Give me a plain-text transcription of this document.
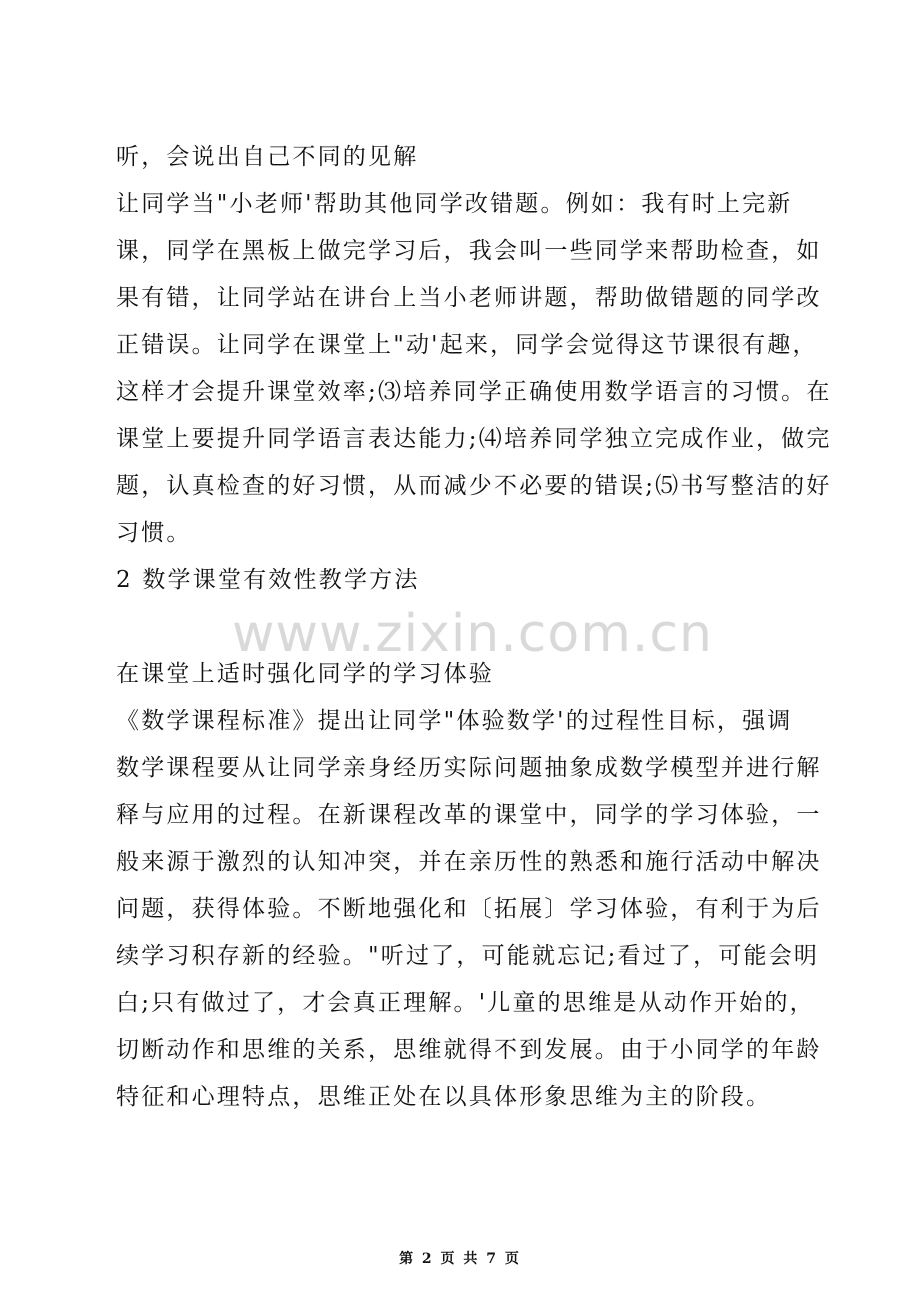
听，会说出自己不同的见解
让同学当"小老师'帮助其他同学改错题。例如：我有时上完新
课，同学在黑板上做完学习后，我会叫一些同学来帮助检查，如
果有错，让同学站在讲台上当小老师讲题，帮助做错题的同学改
正错误。让同学在课堂上"动'起来，同学会觉得这节课很有趣，
这样才会提升课堂效率;⑶培养同学正确使用数学语言的习惯。在
课堂上要提升同学语言表达能力;⑷培养同学独立完成作业，做完
题，认真检查的好习惯，从而减少不必要的错误;⑸书写整洁的好
习惯。
2 数学课堂有效性教学方法
www.zixin.com.cn
在课堂上适时强化同学的学习体验
《数学课程标准》提出让同学"体验数学'的过程性目标，强调
数学课程要从让同学亲身经历实际问题抽象成数学模型并进行解
释与应用的过程。在新课程改革的课堂中，同学的学习体验，一
般来源于激烈的认知冲突，并在亲历性的熟悉和施行活动中解决
问题，获得体验。不断地强化和〔拓展〕学习体验，有利于为后
续学习积存新的经验。"听过了，可能就忘记;看过了，可能会明
白;只有做过了，才会真正理解。'儿童的思维是从动作开始的，
切断动作和思维的关系，思维就得不到发展。由于小同学的年龄
特征和心理特点，思维正处在以具体形象思维为主的阶段。
第 2 页 共 7 页
